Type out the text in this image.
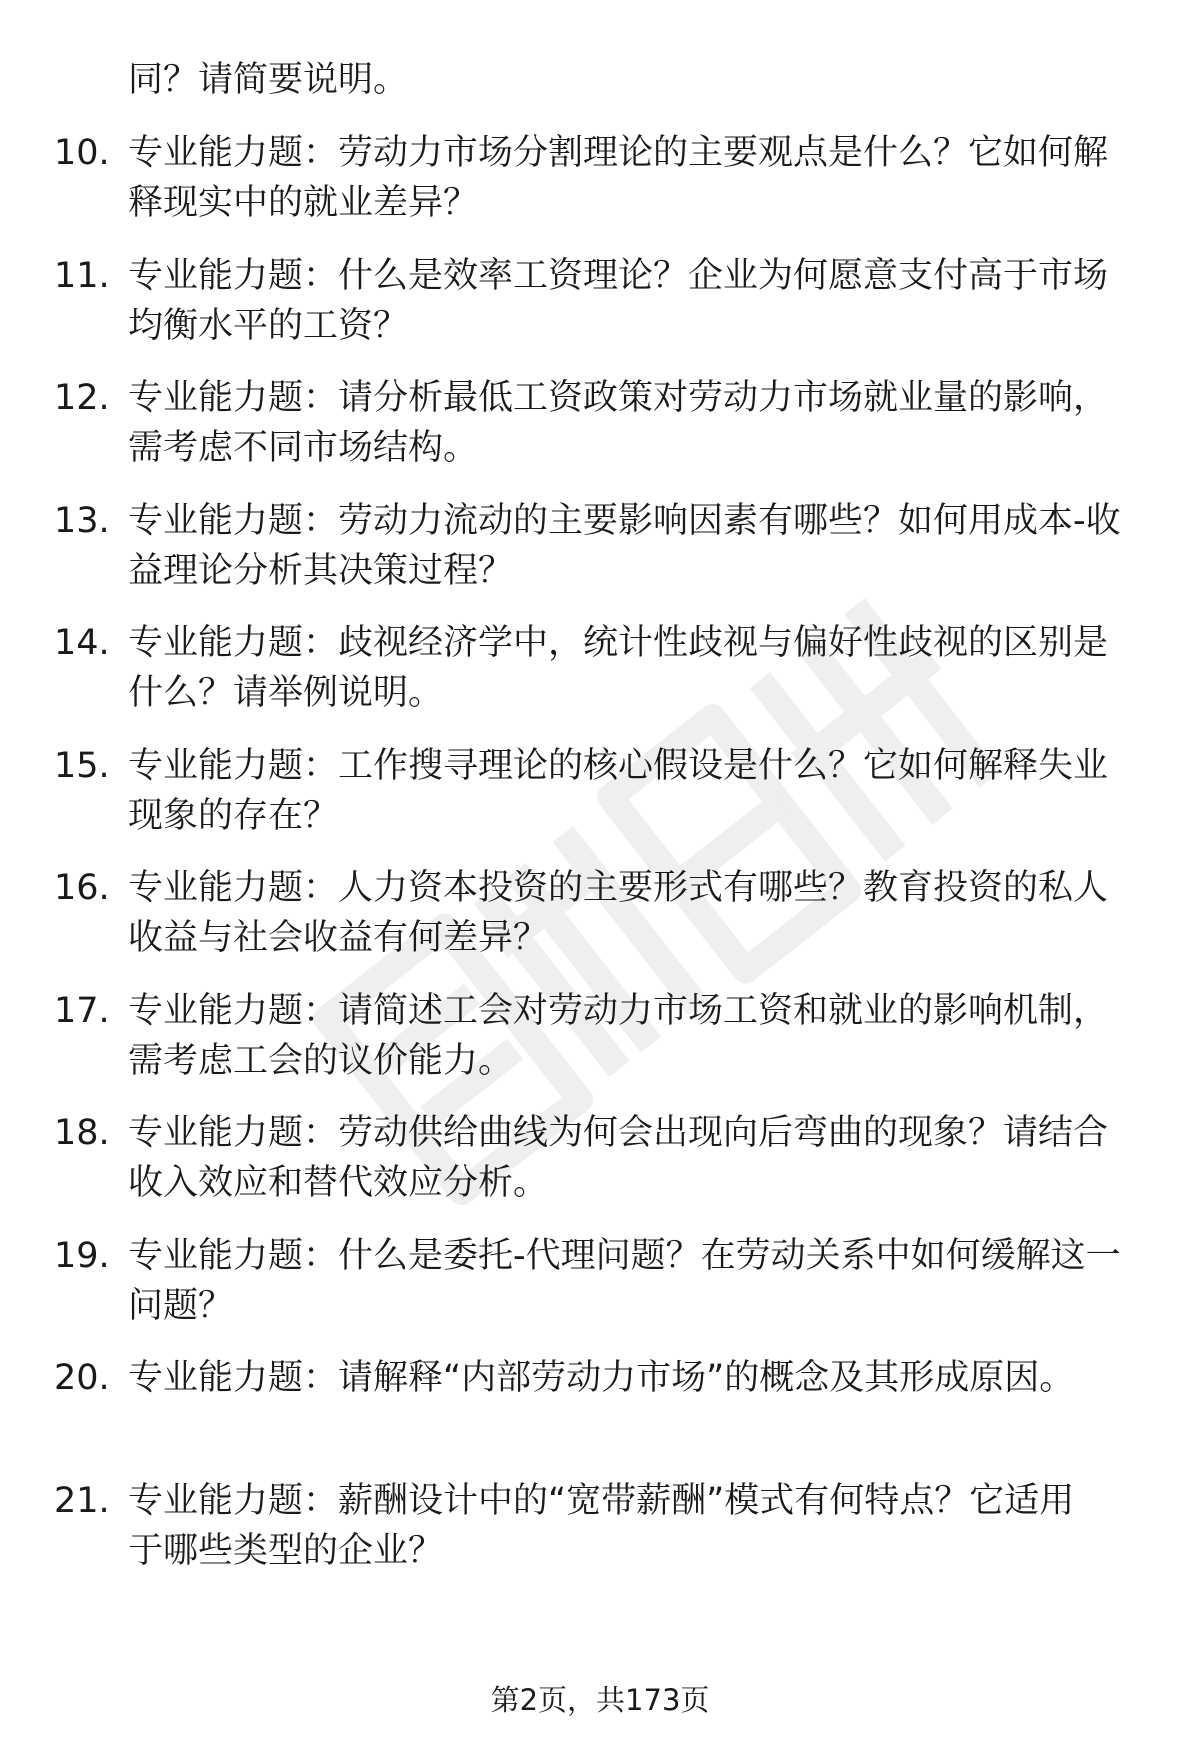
同？请简要说明。
10. 专业能力题：劳动力市场分割理论的主要观点是什么？它如何解
释现实中的就业差异？
11. 专业能力题：什么是效率工资理论？企业为何愿意支付高于市场
均衡水平的工资？
12. 专业能力题：请分析最低工资政策对劳动力市场就业量的影响，
需考虑不同市场结构。
13. 专业能力题：劳动力流动的主要影响因素有哪些？如何用成本-收
益理论分析其决策过程？
14. 专业能力题：歧视经济学中，统计性歧视与偏好性歧视的区别是
什么？请举例说明。
15. 专业能力题：工作搜寻理论的核心假设是什么？它如何解释失业
现象的存在？
16. 专业能力题：人力资本投资的主要形式有哪些？教育投资的私人
收益与社会收益有何差异？
17. 专业能力题：请简述工会对劳动力市场工资和就业的影响机制，
需考虑工会的议价能力。
18. 专业能力题：劳动供给曲线为何会出现向后弯曲的现象？请结合
收入效应和替代效应分析。
19. 专业能力题：什么是委托-代理问题？在劳动关系中如何缓解这一
问题？
20. 专业能力题：请解释“内部劳动力市场”的概念及其形成原因。
21. 专业能力题：薪酬设计中的“宽带薪酬”模式有何特点？它适用
于哪些类型的企业？
第2页，共173页
